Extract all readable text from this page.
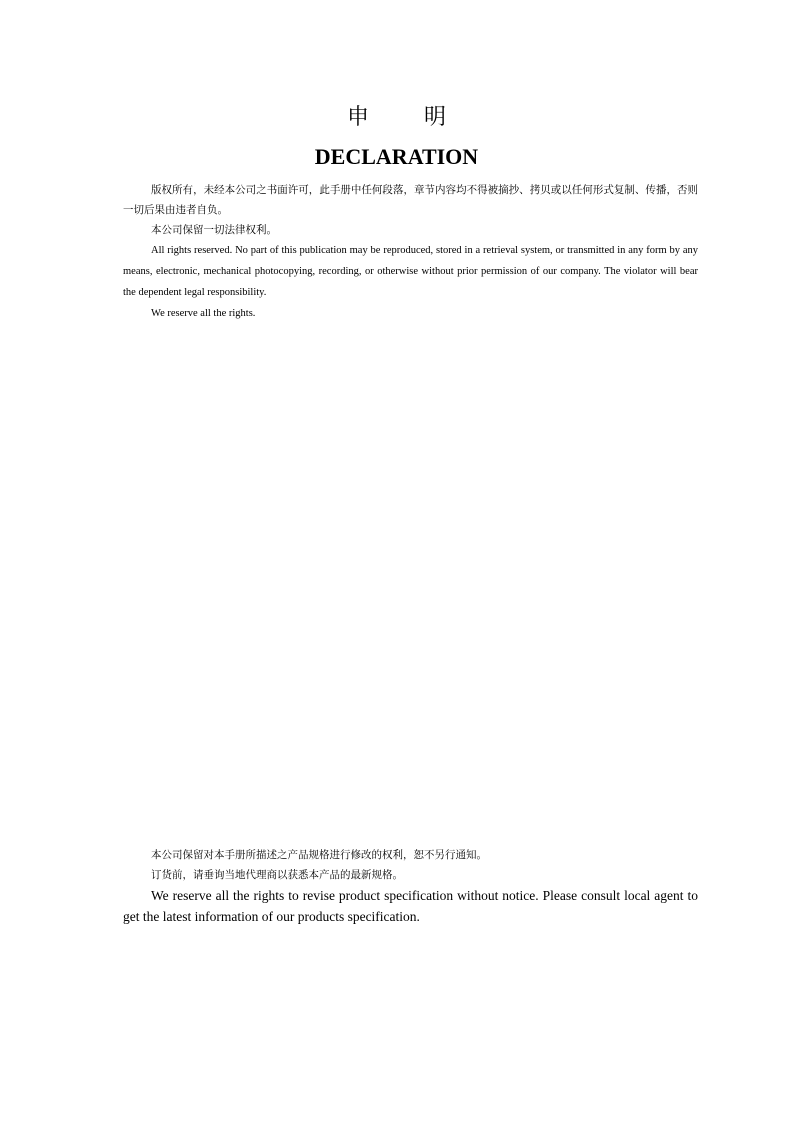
申 明
DECLARATION

版权所有，未经本公司之书面许可，此手册中任何段落，章节内容均不得被摘抄、拷贝或以任何形式复制、传播，否则一切后果由违者自负。

本公司保留一切法律权利。

All rights reserved. No part of this publication may be reproduced, stored in a retrieval system, or transmitted in any form by any means, electronic, mechanical photocopying, recording, or otherwise without prior permission of our company. The violator will bear the dependent legal responsibility.

We reserve all the rights.

本公司保留对本手册所描述之产品规格进行修改的权利，恕不另行通知。

订货前，请垂询当地代理商以获悉本产品的最新规格。

We reserve all the rights to revise product specification without notice. Please consult local agent to get the latest information of our products specification.
